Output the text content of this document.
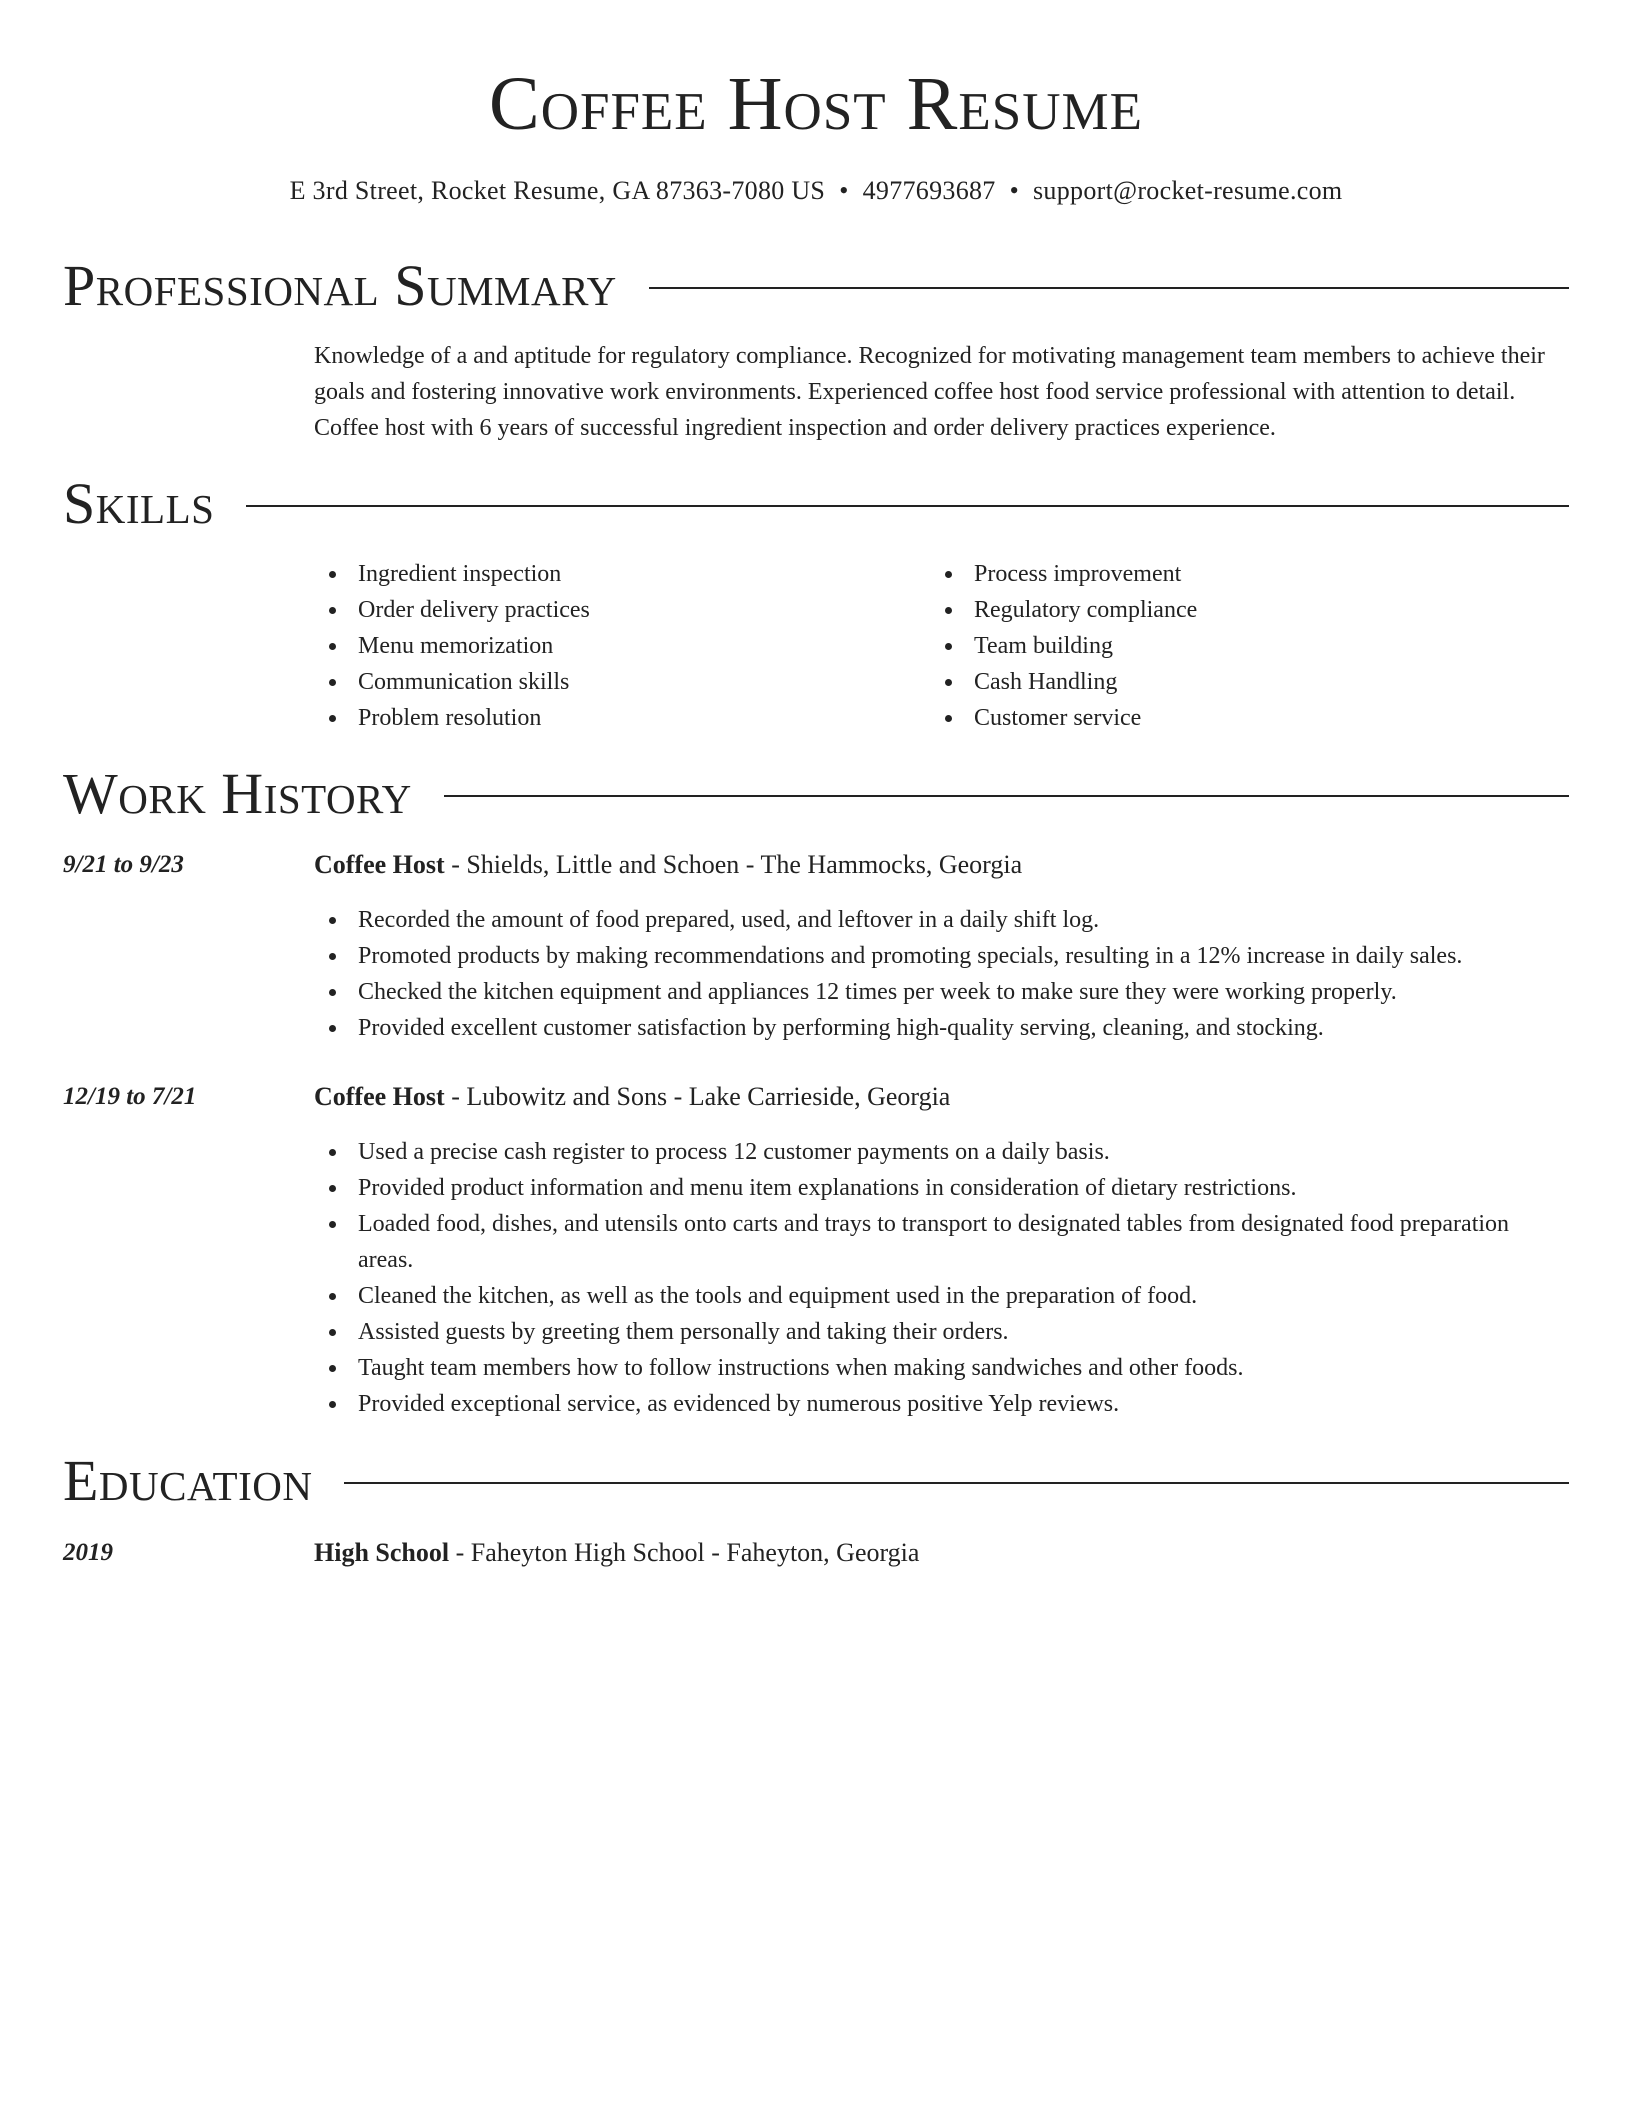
Coffee Host Resume
E 3rd Street, Rocket Resume, GA 87363-7080 US • 4977693687 • support@rocket-resume.com
Professional Summary

Knowledge of a and aptitude for regulatory compliance. Recognized for motivating management team members to achieve their goals and fostering innovative work environments. Experienced coffee host food service professional with attention to detail. Coffee host with 6 years of successful ingredient inspection and order delivery practices experience.

Skills
Ingredient inspection
Order delivery practices
Menu memorization
Communication skills
Problem resolution
Process improvement
Regulatory compliance
Team building
Cash Handling
Customer service
Work History
9/21 to 9/23	Coffee Host - Shields, Little and Schoen - The Hammocks, Georgia
Recorded the amount of food prepared, used, and leftover in a daily shift log.
Promoted products by making recommendations and promoting specials, resulting in a 12% increase in daily sales.
Checked the kitchen equipment and appliances 12 times per week to make sure they were working properly.
Provided excellent customer satisfaction by performing high-quality serving, cleaning, and stocking.
12/19 to 7/21	Coffee Host - Lubowitz and Sons - Lake Carrieside, Georgia
Used a precise cash register to process 12 customer payments on a daily basis.
Provided product information and menu item explanations in consideration of dietary restrictions.
Loaded food, dishes, and utensils onto carts and trays to transport to designated tables from designated food preparation areas.
Cleaned the kitchen, as well as the tools and equipment used in the preparation of food.
Assisted guests by greeting them personally and taking their orders.
Taught team members how to follow instructions when making sandwiches and other foods.
Provided exceptional service, as evidenced by numerous positive Yelp reviews.
Education
2019	High School - Faheyton High School - Faheyton, Georgia
